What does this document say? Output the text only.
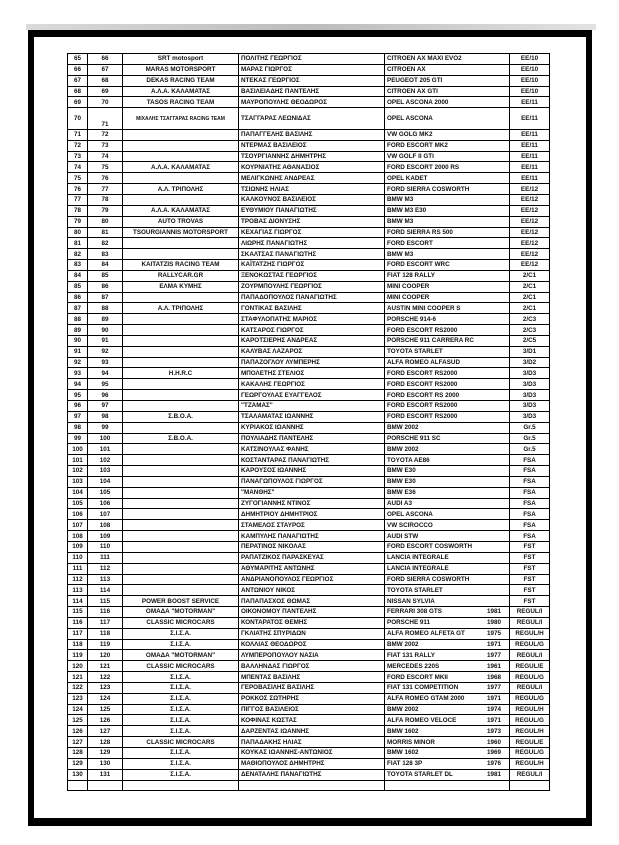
65	66	SRT motosport	ΠΟΛΙΤΗΣ ΓΕΩΡΓΙΟΣ	CITROEN AX MAXI EVO2	EE/10
66	67	MARAS MOTORSPORT	ΜΑΡΑΣ ΓΙΩΡΓΟΣ	CITROEN AX	EE/10
67	68	DEKAS RACING TEAM	ΝΤΕΚΑΣ ΓΕΩΡΓΙΟΣ	PEUGEOT 205 GTI	EE/10
68	69	Α.Λ.Α. ΚΑΛΑΜΑΤΑΣ	ΒΑΣΙΛΕΙΑΔΗΣ ΠΑΝΤΕΛΗΣ	CITROEN AX GTI	EE/10
69	70	TASOS RACING TEAM	ΜΑΥΡΟΠΟΥΛΗΣ ΘΕΟΔΩΡΟΣ	OPEL ASCONA 2000	EE/11
70	71	ΜΙΧΑΛΗΣ ΤΣΑΓΓΑΡΑΣ RACING TEAM	ΤΣΑΓΓΑΡΑΣ ΛΕΩΝΙΔΑΣ	OPEL ASCONA	EE/11
71	72		ΠΑΠΑΓΓΕΛΗΣ ΒΑΣΙΛΗΣ	VW GOLG MK2	EE/11
72	73		ΝΤΕΡΜΑΣ ΒΑΣΙΛΕΙΟΣ	FORD ESCORT MK2	EE/11
73	74		ΤΣΟΥΡΓΙΑΝΝΗΣ ΔΗΜΗΤΡΗΣ	VW GOLF II GTI	EE/11
74	75	Α.Λ.Α. ΚΑΛΑΜΑΤΑΣ	ΚΟΥΡΝΙΑΤΗΣ ΑΘΑΝΑΣΙΟΣ	FORD ESCORT 2000 RS	EE/11
75	76		ΜΕΛΙΓΚΩΝΗΣ ΑΝΔΡΕΑΣ	OPEL KADET	EE/11
76	77	Α.Λ. ΤΡΙΠΟΛΗΣ	ΤΣΙΩΝΗΣ ΗΛΙΑΣ	FORD SIERRA COSWORTH	EE/12
77	78		ΚΑΛΚΟΥΝΟΣ ΒΑΣΙΛΕΙΟΣ	BMW M3	EE/12
78	79	Α.Λ.Α. ΚΑΛΑΜΑΤΑΣ	ΕΥΘΥΜΙΟΥ ΠΑΝΑΓΙΩΤΗΣ	BMW M3 E30	EE/12
79	80	AUTO TROVAS	ΤΡΟΒΑΣ ΔΙΟΝΥΣΗΣ	BMW M3	EE/12
80	81	TSOURGIANNIS MOTORSPORT	ΚΕΧΑΓΙΑΣ ΓΙΩΡΓΟΣ	FORD SIERRA RS 500	EE/12
81	82		ΛΙΩΡΗΣ ΠΑΝΑΓΙΩΤΗΣ	FORD ESCORT	EE/12
82	83		ΣΚΑΛΤΣΑΣ ΠΑΝΑΓΙΩΤΗΣ	BMW M3	EE/12
83	84	KAITATZIS RACING TEAM	ΚΑΪΤΑΤΖΗΣ ΓΙΩΡΓΟΣ	FORD ESCORT WRC	EE/12
84	85	RALLYCAR.GR	ΞΕΝΟΚΩΣΤΑΣ ΓΕΩΡΓΙΟΣ	FIAT 128 RALLY	2/C1
85	86	ΕΛΜΑ ΚΥΜΗΣ	ΖΟΥΡΜΠΟΥΛΗΣ ΓΕΩΡΓΙΟΣ	MINI COOPER	2/C1
86	87		ΠΑΠΑΔΟΠΟΥΛΟΣ ΠΑΝΑΓΙΩΤΗΣ	MINI COOPER	2/C1
87	88	Α.Λ. ΤΡΙΠΟΛΗΣ	ΓΟΝΤΙΚΑΣ ΒΑΣΙΛΗΣ	AUSTIN MINI COOPER S	2/C1
88	89		ΣΤΑΦΥΛΟΠΑΤΗΣ ΜΑΡΙΟΣ	PORSCHE 914-6	2/C3
89	90		ΚΑΤΣΑΡΟΣ ΓΙΩΡΓΟΣ	FORD ESCORT RS2000	2/C3
90	91		ΚΑΡΟΤΣΙΕΡΗΣ ΑΝΔΡΕΑΣ	PORSCHE 911 CARRERA RC	2/C5
91	92		ΚΑΛΥΒΑΣ ΛΑΖΑΡΟΣ	TOYOTA STARLET	3/D1
92	93		ΠΑΠΑΖΟΓΛΟΥ ΛΥΜΠΕΡΗΣ	ALFA ROMEO ALFASUD	3/D2
93	94	H.H.R.C	ΜΠΟΛΕΤΗΣ ΣΤΕΛΙΟΣ	FORD ESCORT RS2000	3/D3
94	95		ΚΑΚΑΛΗΣ ΓΕΩΡΓΙΟΣ	FORD ESCORT RS2000	3/D3
95	96		ΓΕΩΡΓΟΥΛΑΣ ΕΥΑΓΓΕΛΟΣ	FORD ESCORT RS 2000	3/D3
96	97		"ΤΖΑΜΑΣ"	FORD ESCORT RS2000	3/D3
97	98	Σ.Β.Ο.Α.	ΤΣΑΛΑΜΑΤΑΣ ΙΩΑΝΝΗΣ	FORD ESCORT RS2000	3/D3
98	99		ΚΥΡΙΑΚΟΣ ΙΩΑΝΝΗΣ	BMW 2002	Gr.5
99	100	Σ.Β.Ο.Α.	ΠΟΥΛΙΑΔΗΣ ΠΑΝΤΕΛΗΣ	PORSCHE 911 SC	Gr.5
100	101		ΚΑΤΣΙΝΟΥΛΑΣ ΦΑΝΗΣ	BMW 2002	Gr.5
101	102		ΚΟΣΤΑΝΤΑΡΑΣ ΠΑΝΑΓΙΩΤΗΣ	TOYOTA AE86	FSA
102	103		ΚΑΡΟΥΣΟΣ ΙΩΑΝΝΗΣ	BMW E30	FSA
103	104		ΠΑΝΑΓΩΠΟΥΛΟΣ ΓΙΩΡΓΟΣ	BMW E30	FSA
104	105		"ΜΑΝΘΗΣ"	BMW E36	FSA
105	106		ΖΥΓΟΓΙΑΝΝΗΣ ΝΤΙΝΟΣ	AUDI A3	FSA
106	107		ΔΗΜΗΤΡΙΟΥ ΔΗΜΗΤΡΙΟΣ	OPEL ASCONA	FSA
107	108		ΣΤΑΜΕΛΟΣ ΣΤΑΥΡΟΣ	VW SCIROCCO	FSA
108	109		ΚΑΜΠΥΛΗΣ ΠΑΝΑΓΙΩΤΗΣ	AUDI STW	FSA
109	110		ΠΕΡΑΤΙΝΟΣ ΝΙΚΟΛΑΣ	FORD ESCORT COSWORTH	FST
110	111		ΡΑΠΑΤΖΙΚΟΣ ΠΑΡΑΣΚΕΥΑΣ	LANCIA INTEGRALE	FST
111	112		ΑΘΥΜΑΡΙΤΗΣ ΑΝΤΩΝΗΣ	LANCIA INTEGRALE	FST
112	113		ΑΝΔΡΙΑΝΟΠΟΥΛΟΣ ΓΕΩΡΓΙΟΣ	FORD SIERRA COSWORTH	FST
113	114		ΑΝΤΩΝΙΟΥ ΝΙΚΟΣ	TOYOTA STARLET	FST
114	115	POWER BOOST SERVICE	ΠΑΠΑΠΑΣΧΟΣ ΘΩΜΑΣ	NISSAN SYLVIA	FST
115	116	ΟΜΑΔΑ "MOTORMAN"	ΟΙΚΟΝΟΜΟΥ ΠΑΝΤΕΛΗΣ	FERRARI 308 GTS 1981	REGUL/I
116	117	CLASSIC MICROCARS	ΚΟΝΤΑΡΑΤΟΣ ΘΕΜΗΣ	PORSCHE 911 1980	REGUL/I
117	118	Σ.Ι.Σ.Α.	ΓΚΛΙΑΤΗΣ ΣΠΥΡΙΔΩΝ	ALFA ROMEO ALFETA GT 1975	REGUL/H
118	119	Σ.Ι.Σ.Α.	ΚΟΛΛΙΑΣ ΘΕΟΔΩΡΟΣ	BMW 2002 1971	REGUL/G
119	120	ΟΜΑΔΑ "MOTORMAN"	ΛΥΜΠΕΡΟΠΟΥΛΟΥ ΝΑΣΙΑ	FIAT 131 RALLY 1977	REGUL/I
120	121	CLASSIC MICROCARS	ΒΑΛΛΗΝΔΑΣ ΓΙΩΡΓΟΣ	MERCEDES 220S 1961	REGUL/E
121	122	Σ.Ι.Σ.Α.	ΜΠΕΝΤΑΣ ΒΑΣΙΛΗΣ	FORD ESCORT MKII 1968	REGUL/G
122	123	Σ.Ι.Σ.Α.	ΓΕΡΟΒΑΣΙΛΗΣ ΒΑΣΙΛΗΣ	FIAT 131 COMPETITION 1977	REGUL/I
123	124	Σ.Ι.Σ.Α.	ΡΟΚΚΟΣ ΣΩΤΗΡΗΣ	ALFA ROMEO GTAM 2000 1971	REGUL/G
124	125	Σ.Ι.Σ.Α.	ΠΙΓΓΟΣ ΒΑΣΙΛΕΙΟΣ	BMW 2002 1974	REGUL/H
125	126	Σ.Ι.Σ.Α.	ΚΟΦΙΝΑΣ ΚΩΣΤΑΣ	ALFA ROMEO VELOCE 1971	REGUL/G
126	127	Σ.Ι.Σ.Α.	ΔΑΡΖΕΝΤΑΣ ΙΩΑΝΝΗΣ	BMW 1602 1973	REGUL/H
127	128	CLASSIC MICROCARS	ΠΑΠΑΔΑΚΗΣ ΗΛΙΑΣ	MORRIS MINOR 1960	REGUL/E
128	129	Σ.Ι.Σ.Α.	ΚΟΥΚΑΣ ΙΩΑΝΝΗΣ-ΑΝΤΩΝΙΟΣ	BMW 1602 1969	REGUL/G
129	130	Σ.Ι.Σ.Α.	ΜΑΘΙΟΠΟΥΛΟΣ ΔΗΜΗΤΡΗΣ	FIAT 128 3P 1976	REGUL/H
130	131	Σ.Ι.Σ.Α.	ΔΕΝΑΤΑΛΗΣ ΠΑΝΑΓΙΩΤΗΣ	TOYOTA STARLET DL 1981	REGUL/I
